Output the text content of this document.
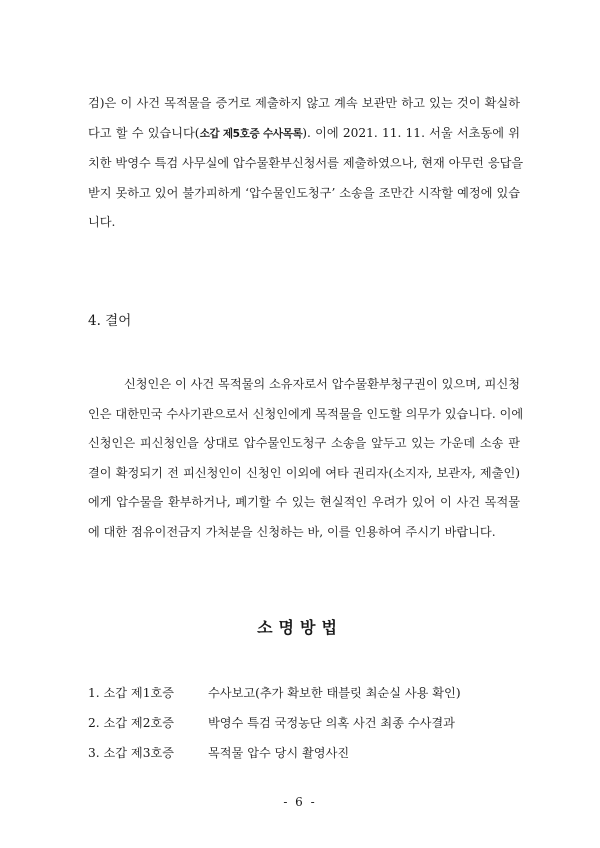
검)은 이 사건 목적물을 증거로 제출하지 않고 계속 보관만 하고 있는 것이 확실하
다고 할 수 있습니다(소갑 제5호증 수사목록). 이에 2021. 11. 11. 서울 서초동에 위
치한 박영수 특검 사무실에 압수물환부신청서를 제출하였으나, 현재 아무런 응답을
받지 못하고 있어 불가피하게 ‘압수물인도청구’ 소송을 조만간 시작할 예정에 있습
니다.
4. 결어
신청인은 이 사건 목적물의 소유자로서 압수물환부청구권이 있으며, 피신청
인은 대한민국 수사기관으로서 신청인에게 목적물을 인도할 의무가 있습니다. 이에
신청인은 피신청인을 상대로 압수물인도청구 소송을 앞두고 있는 가운데 소송 판
결이 확정되기 전 피신청인이 신청인 이외에 여타 권리자(소지자, 보관자, 제출인)
에게 압수물을 환부하거나, 폐기할 수 있는 현실적인 우려가 있어 이 사건 목적물
에 대한 점유이전금지 가처분을 신청하는 바, 이를 인용하여 주시기 바랍니다.
소명방법
1. 소갑 제1호증	수사보고(추가 확보한 태블릿 최순실 사용 확인)
2. 소갑 제2호증	박영수 특검 국정농단 의혹 사건 최종 수사결과
3. 소갑 제3호증	목적물 압수 당시 촬영사진
- 6 -
